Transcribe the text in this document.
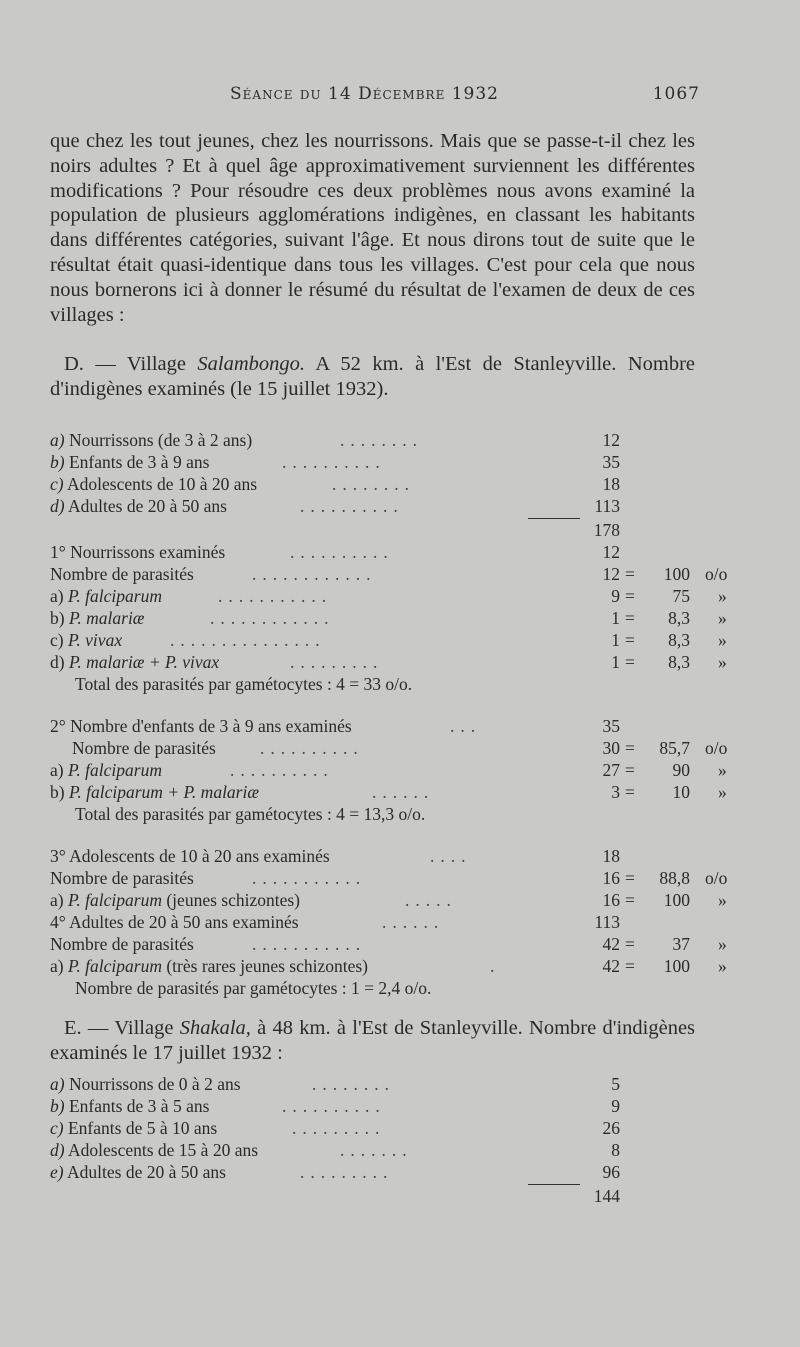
Séance du 14 Décembre 1932	1067

que chez les tout jeunes, chez les nourrissons. Mais que se passe-t-il chez les noirs adultes ? Et à quel âge approximativement surviennent les différentes modifications ? Pour résoudre ces deux problèmes nous avons examiné la population de plusieurs agglomérations indigènes, en classant les habitants dans différentes catégories, suivant l'âge. Et nous dirons tout de suite que le résultat était quasi-identique dans tous les villages. C'est pour cela que nous nous bornerons ici à donner le résumé du résultat de l'examen de deux de ces villages :

D. — Village Salambongo. A 52 km. à l'Est de Stanleyville. Nombre d'indigènes examinés (le 15 juillet 1932).

a) Nourrissons (de 3 à 2 ans)	........	12
b) Enfants de 3 à 9 ans	..........	35
c) Adolescents de 10 à 20 ans	........	18
d) Adultes de 20 à 50 ans	..........	113
178
1° Nourrissons examinés	..........	12
Nombre de parasités	............	12 =	100 o/o
a) P. falciparum	...........	9 =	75 »
b) P. malariæ	............	1 =	8,3 »
c) P. vivax	...............	1 =	8,3 »
d) P. malariæ + P. vivax	.........	1 =	8,3 »
Total des parasités par gamétocytes : 4 = 33 o/o.
2° Nombre d'enfants de 3 à 9 ans examinés	...	35
Nombre de parasités	..........	30 =	85,7 o/o
a) P. falciparum	..........	27 =	90 »
b) P. falciparum + P. malariæ	......	3 =	10 »
Total des parasités par gamétocytes : 4 = 13,3 o/o.
3° Adolescents de 10 à 20 ans examinés	....	18
Nombre de parasités	...........	16 =	88,8 o/o
a) P. falciparum (jeunes schizontes)	.....	16 =	100 »
4° Adultes de 20 à 50 ans examinés	......	113
Nombre de parasités	...........	42 =	37 »
a) P. falciparum (très rares jeunes schizontes)	.	42 =	100 »
Nombre de parasités par gamétocytes : 1 = 2,4 o/o.

E. — Village Shakala, à 48 km. à l'Est de Stanleyville. Nombre d'indigènes examinés le 17 juillet 1932 :

a) Nourrissons de 0 à 2 ans	........	5
b) Enfants de 3 à 5 ans	..........	9
c) Enfants de 5 à 10 ans	.........	26
d) Adolescents de 15 à 20 ans	.......	8
e) Adultes de 20 à 50 ans	.........	96
144
